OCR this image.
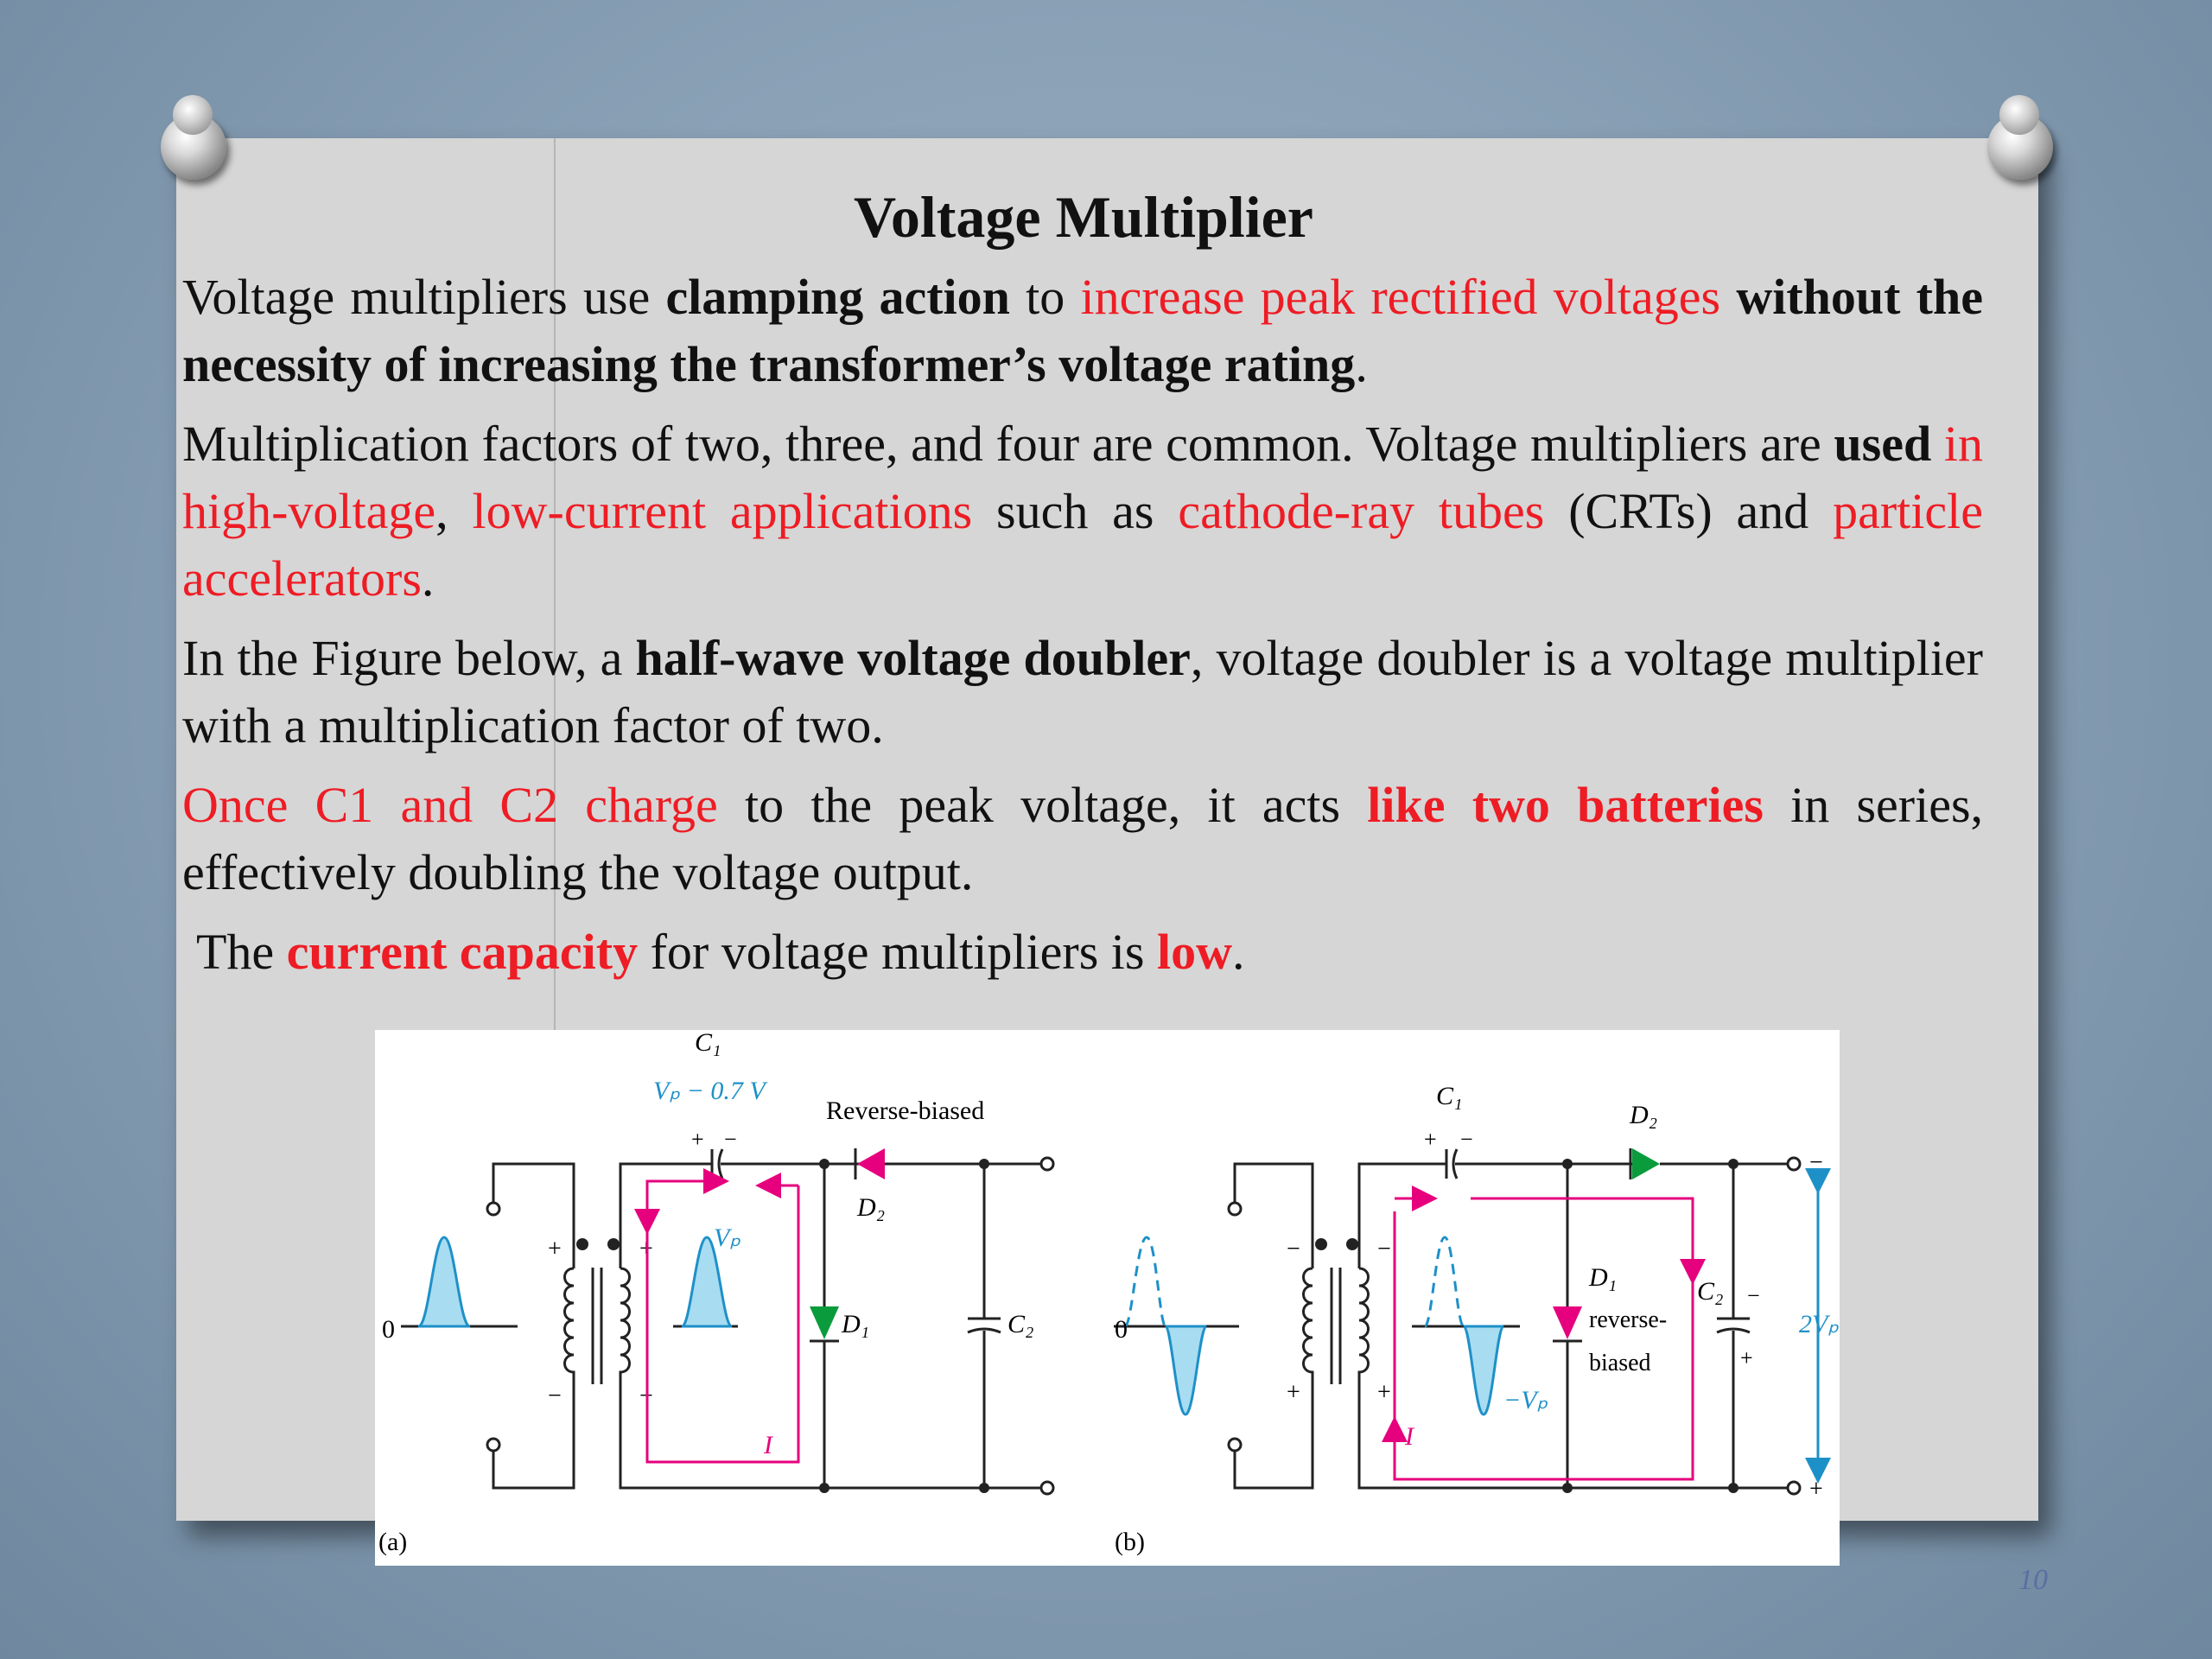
Voltage Multiplier

Voltage multipliers use clamping action to increase peak rectified voltages without the necessity of increasing the transformer’s voltage rating.

Multiplication factors of two, three, and four are common. Voltage multipliers are used in high-voltage, low-current applications such as cathode-ray tubes (CRTs) and particle accelerators.

In the Figure below, a half-wave voltage doubler, voltage doubler is a voltage multiplier with a multiplication factor of two.

Once C1 and C2 charge to the peak voltage, it acts like two batteries in series, effectively doubling the voltage output.

The current capacity for voltage multipliers is low.

0
+
−
+
−
+ −
C₁
Vₚ − 0.7 V
Reverse-biased
D₂
D₁	C₂
I
Vₚ
(a)
0
−
+
−
+	−Vₚ
+ −
C₁
D₂
−
D₁
reverse-
biased
C₂ −
+
+
2Vₚ
I
(b)
10
